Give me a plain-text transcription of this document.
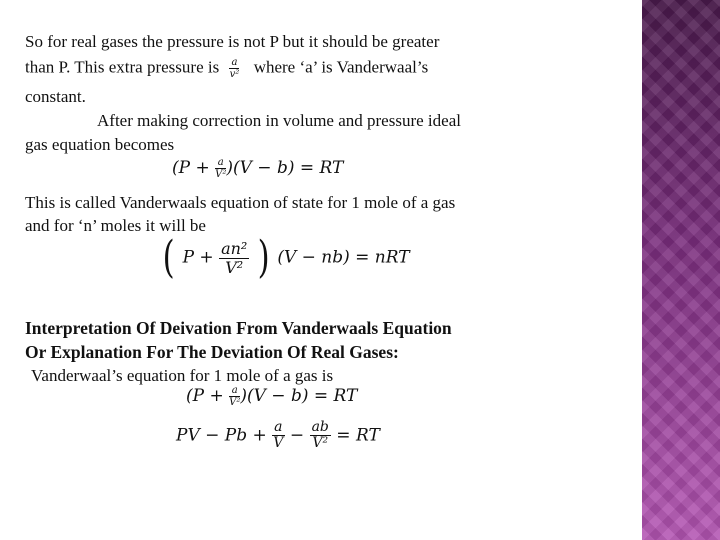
So for real gases the pressure is not P but it should be greater
than P. This extra pressure is $\frac{a}{\text{v²}}$ where ‘a’ is Vanderwaal’s
constant.
After making correction in volume and pressure ideal
gas equation becomes
$(P + \frac{a}{\text{V²}} )(V - b)$ = RT
This is called Vanderwaals equation of state for 1 mole of a gas
and for ‘n’ moles it will be
( $P + \frac{\text{an²}}{\text{V²}}$ ) (V − nb) = nRT
Interpretation Of Deivation From Vanderwaals Equation
Or Explanation For The Deviation Of Real Gases:
Vanderwaal’s equation for 1 mole of a gas is
$(P + \frac{a}{\text{V²}} )(V - b)$ = RT
PV − $Pb + \frac{a}{V} - \frac{ab}{\text{V²}}$ = RT
